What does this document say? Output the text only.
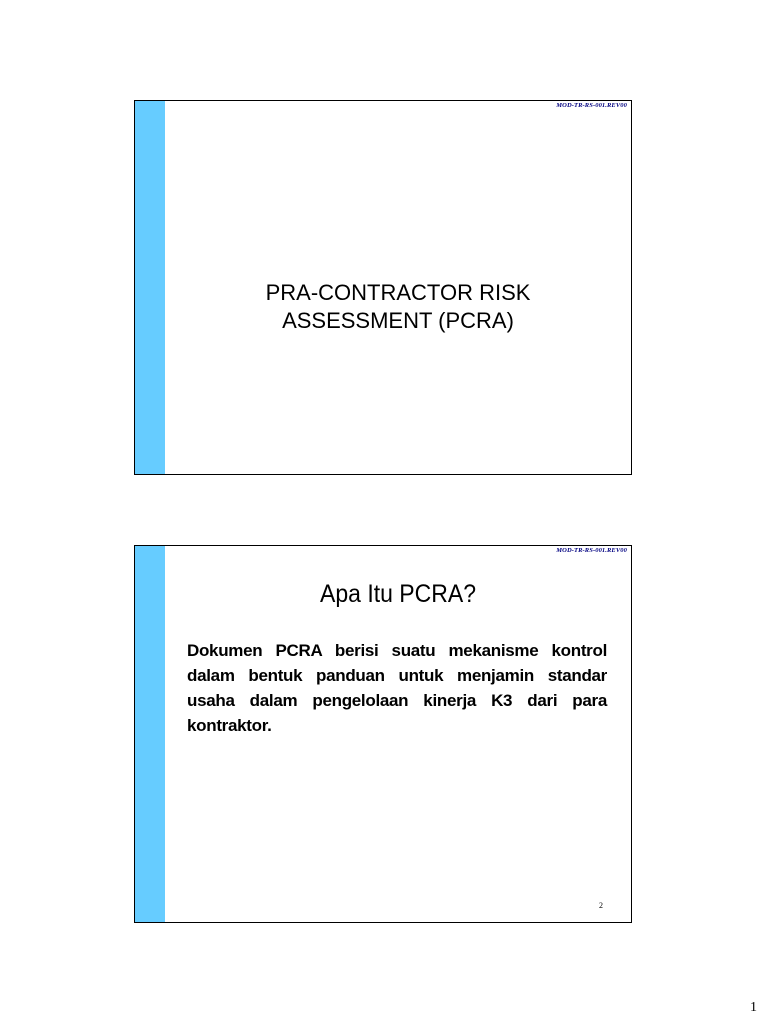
MOD-TR-RS-001.REV00
PRA-CONTRACTOR RISK
ASSESSMENT (PCRA)
MOD-TR-RS-001.REV00
Apa Itu PCRA?
Dokumen PCRA berisi suatu mekanisme kontrol dalam bentuk panduan untuk menjamin standar usaha dalam pengelolaan kinerja K3 dari para kontraktor.
2
1
